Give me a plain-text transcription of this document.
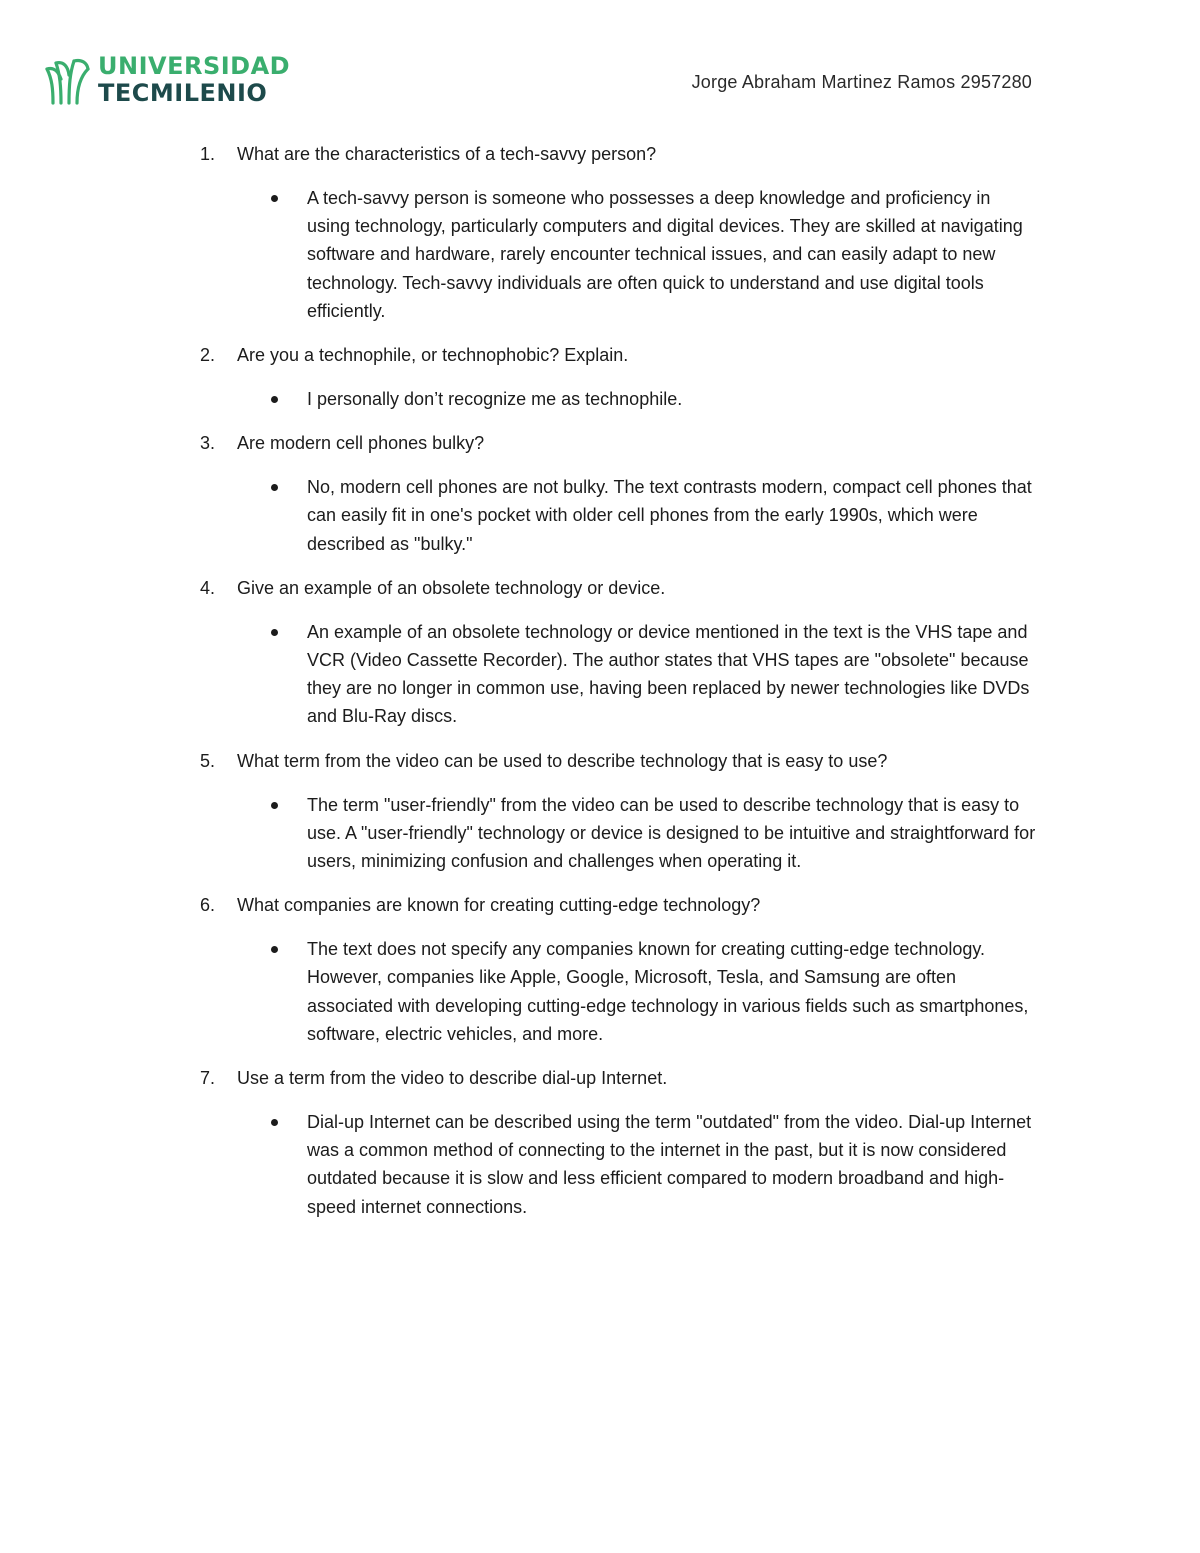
UNIVERSIDAD
TECMILENIO	Jorge Abraham Martinez Ramos 2957280
1.	What are the characteristics of a tech-savvy person?
A tech-savvy person is someone who possesses a deep knowledge and proficiency in using technology, particularly computers and digital devices. They are skilled at navigating software and hardware, rarely encounter technical issues, and can easily adapt to new technology. Tech-savvy individuals are often quick to understand and use digital tools efficiently.
2.	Are you a technophile, or technophobic? Explain.
I personally don’t recognize me as technophile.
3.	Are modern cell phones bulky?
No, modern cell phones are not bulky. The text contrasts modern, compact cell phones that can easily fit in one's pocket with older cell phones from the early 1990s, which were described as "bulky."
4.	Give an example of an obsolete technology or device.
An example of an obsolete technology or device mentioned in the text is the VHS tape and VCR (Video Cassette Recorder). The author states that VHS tapes are "obsolete" because they are no longer in common use, having been replaced by newer technologies like DVDs and Blu-Ray discs.
5.	What term from the video can be used to describe technology that is easy to use?
The term "user-friendly" from the video can be used to describe technology that is easy to use. A "user-friendly" technology or device is designed to be intuitive and straightforward for users, minimizing confusion and challenges when operating it.
6.	What companies are known for creating cutting-edge technology?
The text does not specify any companies known for creating cutting-edge technology. However, companies like Apple, Google, Microsoft, Tesla, and Samsung are often associated with developing cutting-edge technology in various fields such as smartphones, software, electric vehicles, and more.
7.	Use a term from the video to describe dial-up Internet.
Dial-up Internet can be described using the term "outdated" from the video. Dial-up Internet was a common method of connecting to the internet in the past, but it is now considered outdated because it is slow and less efficient compared to modern broadband and high-speed internet connections.
